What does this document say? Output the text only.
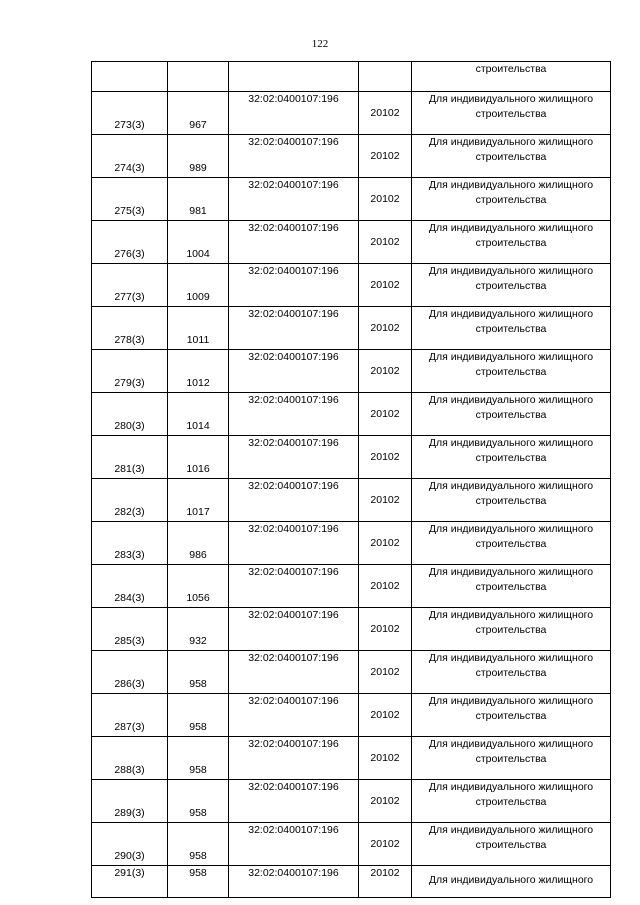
122
				строительства
273(3)	967	32:02:0400107:196	20102	Для индивидуального жилищного
строительства

274(3)	989	32:02:0400107:196	20102	Для индивидуального жилищного
строительства

275(3)	981	32:02:0400107:196	20102	Для индивидуального жилищного
строительства

276(3)	1004	32:02:0400107:196	20102	Для индивидуального жилищного
строительства

277(3)	1009	32:02:0400107:196	20102	Для индивидуального жилищного
строительства

278(3)	1011	32:02:0400107:196	20102	Для индивидуального жилищного
строительства

279(3)	1012	32:02:0400107:196	20102	Для индивидуального жилищного
строительства

280(3)	1014	32:02:0400107:196	20102	Для индивидуального жилищного
строительства

281(3)	1016	32:02:0400107:196	20102	Для индивидуального жилищного
строительства

282(3)	1017	32:02:0400107:196	20102	Для индивидуального жилищного
строительства

283(3)	986	32:02:0400107:196	20102	Для индивидуального жилищного
строительства

284(3)	1056	32:02:0400107:196	20102	Для индивидуального жилищного
строительства

285(3)	932	32:02:0400107:196	20102	Для индивидуального жилищного
строительства

286(3)	958	32:02:0400107:196	20102	Для индивидуального жилищного
строительства

287(3)	958	32:02:0400107:196	20102	Для индивидуального жилищного
строительства

288(3)	958	32:02:0400107:196	20102	Для индивидуального жилищного
строительства

289(3)	958	32:02:0400107:196	20102	Для индивидуального жилищного
строительства

290(3)	958	32:02:0400107:196	20102	Для индивидуального жилищного
строительства

291(3)	958	32:02:0400107:196	20102	Для индивидуального жилищного
